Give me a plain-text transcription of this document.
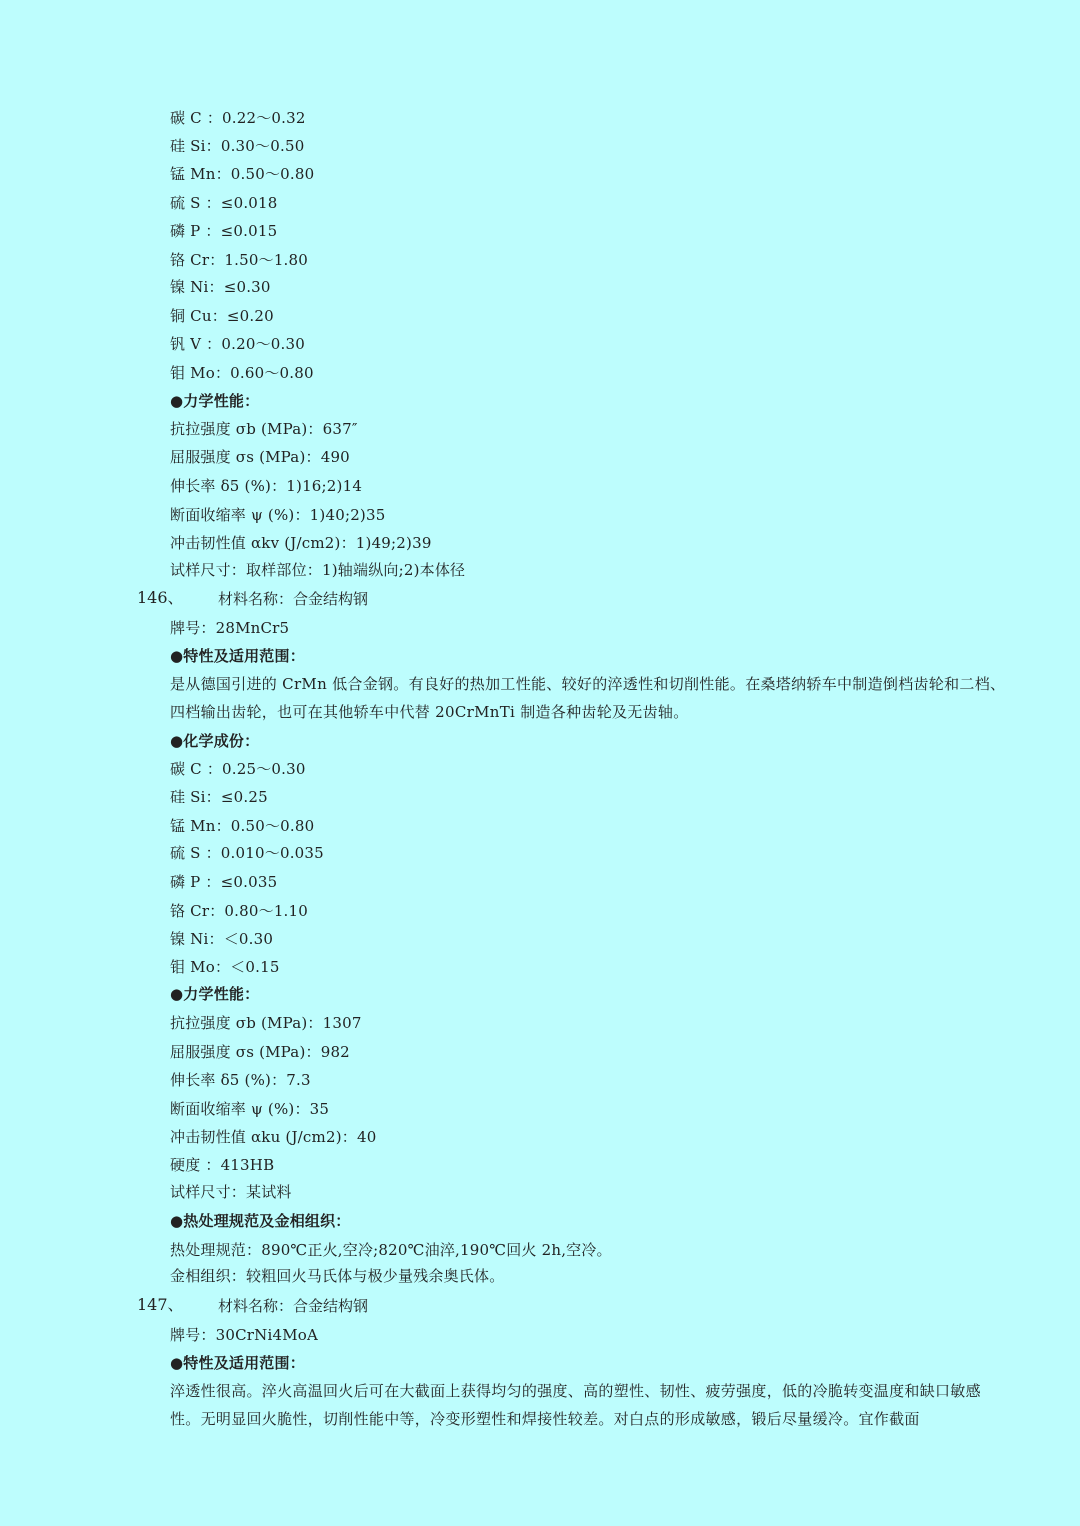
碳 C ：0.22～0.32
硅 Si：0.30～0.50
锰 Mn：0.50～0.80
硫 S ：≤0.018
磷 P ：≤0.015
铬 Cr：1.50～1.80
镍 Ni：≤0.30
铜 Cu：≤0.20
钒 V ：0.20～0.30
钼 Mo：0.60～0.80
●力学性能：
抗拉强度 σb (MPa)：637″
屈服强度 σs (MPa)：490
伸长率 δ5 (%)：1)16;2)14
断面收缩率 ψ (%)：1)40;2)35
冲击韧性值 αkv (J/cm2)：1)49;2)39
试样尺寸：取样部位：1)轴端纵向;2)本体径
146、 材料名称：合金结构钢
牌号：28MnCr5
●特性及适用范围：
是从德国引进的 CrMn 低合金钢。有良好的热加工性能、较好的淬透性和切削性能。在桑塔纳轿车中制造倒档齿轮和二档、四档输出齿轮，也可在其他轿车中代替 20CrMnTi 制造各种齿轮及无齿轴。
●化学成份：
碳 C ：0.25～0.30
硅 Si：≤0.25
锰 Mn：0.50～0.80
硫 S ：0.010～0.035
磷 P ：≤0.035
铬 Cr：0.80～1.10
镍 Ni：＜0.30
钼 Mo：＜0.15
●力学性能：
抗拉强度 σb (MPa)：1307
屈服强度 σs (MPa)：982
伸长率 δ5 (%)：7.3
断面收缩率 ψ (%)：35
冲击韧性值 αku (J/cm2)：40
硬度 ：413HB
试样尺寸：某试料
●热处理规范及金相组织：
热处理规范：890℃正火,空冷;820℃油淬,190℃回火 2h,空冷。
金相组织：较粗回火马氏体与极少量残余奥氏体。
147、 材料名称：合金结构钢
牌号：30CrNi4MoA
●特性及适用范围：
淬透性很高。淬火高温回火后可在大截面上获得均匀的强度、高的塑性、韧性、疲劳强度，低的冷脆转变温度和缺口敏感性。无明显回火脆性，切削性能中等，冷变形塑性和焊接性较差。对白点的形成敏感，锻后尽量缓冷。宜作截面
